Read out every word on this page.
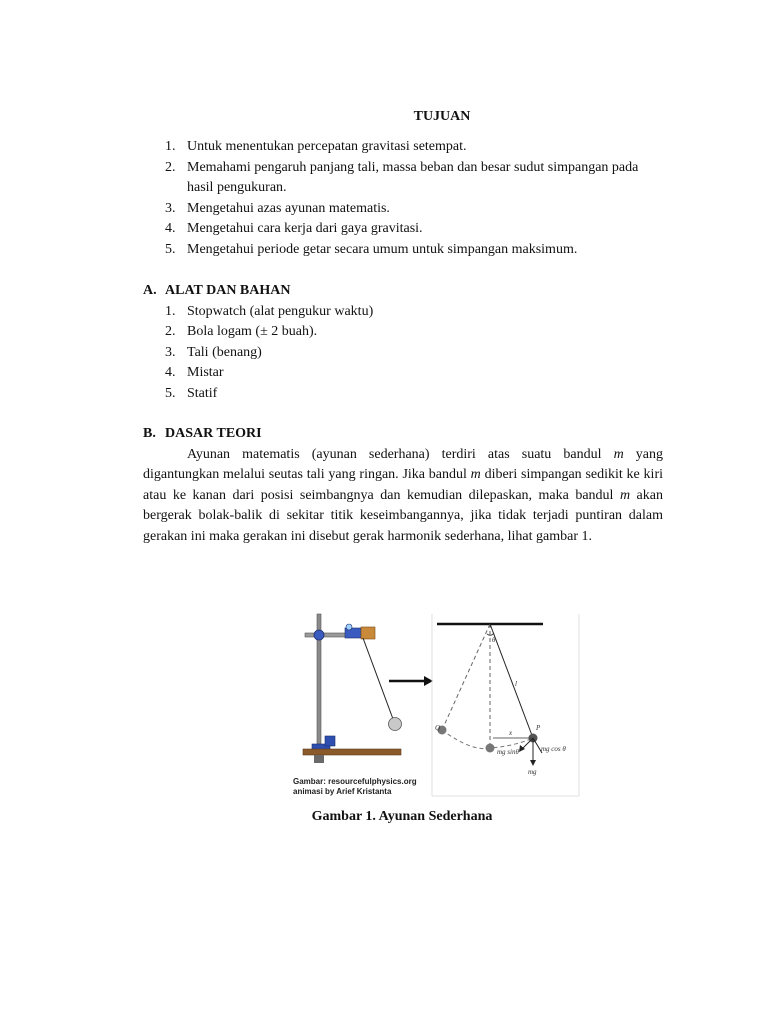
TUJUAN
1. Untuk menentukan percepatan gravitasi setempat.
2. Memahami pengaruh panjang tali, massa beban dan besar sudut simpangan pada hasil pengukuran.
3. Mengetahui azas ayunan matematis.
4. Mengetahui cara kerja dari gaya gravitasi.
5. Mengetahui periode getar secara umum untuk simpangan maksimum.
A. ALAT DAN BAHAN
1. Stopwatch (alat pengukur waktu)
2. Bola logam (± 2 buah).
3. Tali (benang)
4. Mistar
5. Statif
B. DASAR TEORI

Ayunan matematis (ayunan sederhana) terdiri atas suatu bandul m yang digantungkan melalui seutas tali yang ringan. Jika bandul m diberi simpangan sedikit ke kiri atau ke kanan dari posisi seimbangnya dan kemudian dilepaskan, maka bandul m akan bergerak bolak-balik di sekitar titik keseimbangannya, jika tidak terjadi puntiran dalam gerakan ini maka gerakan ini disebut gerak harmonik sederhana, lihat gambar 1.

Gambar: resourcefulphysics.org
animasi by Arief Kristanta
Q	P
θ
l
x
mg sinθ	mg cos θ
mg
Gambar 1. Ayunan Sederhana
